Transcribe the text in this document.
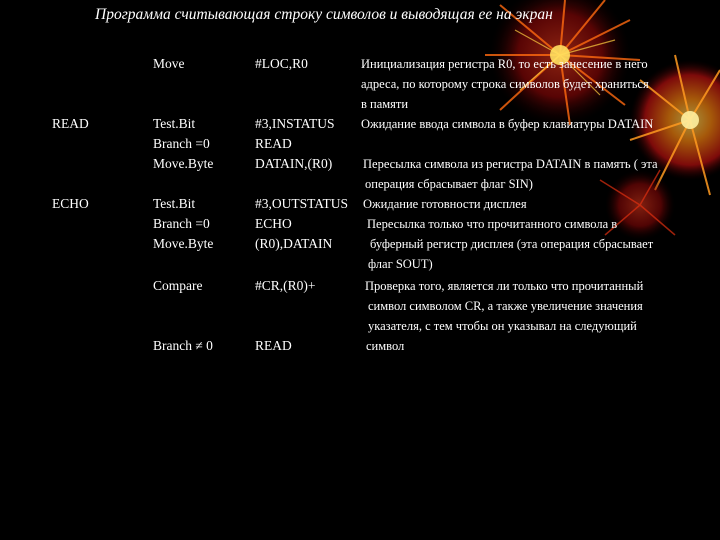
Программа считывающая строку символов и выводящая ее на экран
READ
ECHO
Move
Test.Bit
Branch =0
Move.Byte
Test.Bit
Branch =0
Move.Byte
Compare
Branch ≠ 0
#LOC,R0
#3,INSTATUS
READ
DATAIN,(R0)
#3,OUTSTATUS
ECHO
(R0),DATAIN
#CR,(R0)+
READ
Инициализация регистра R0, то есть занесение в него
адреса, по которому строка символов будет храниться
в памяти
Ожидание ввода символа в буфер клавиатуры DATAIN
Пересылка символа из регистра DATAIN в память ( эта
операция сбрасывает флаг SIN)
Ожидание готовности дисплея
Пересылка только что прочитанного символа в
буферный регистр дисплея (эта операция сбрасывает
флаг SOUT)
Проверка того, является ли только что прочитанный
символ символом CR, а также увеличение значения
указателя, с тем чтобы он указывал на следующий
символ
